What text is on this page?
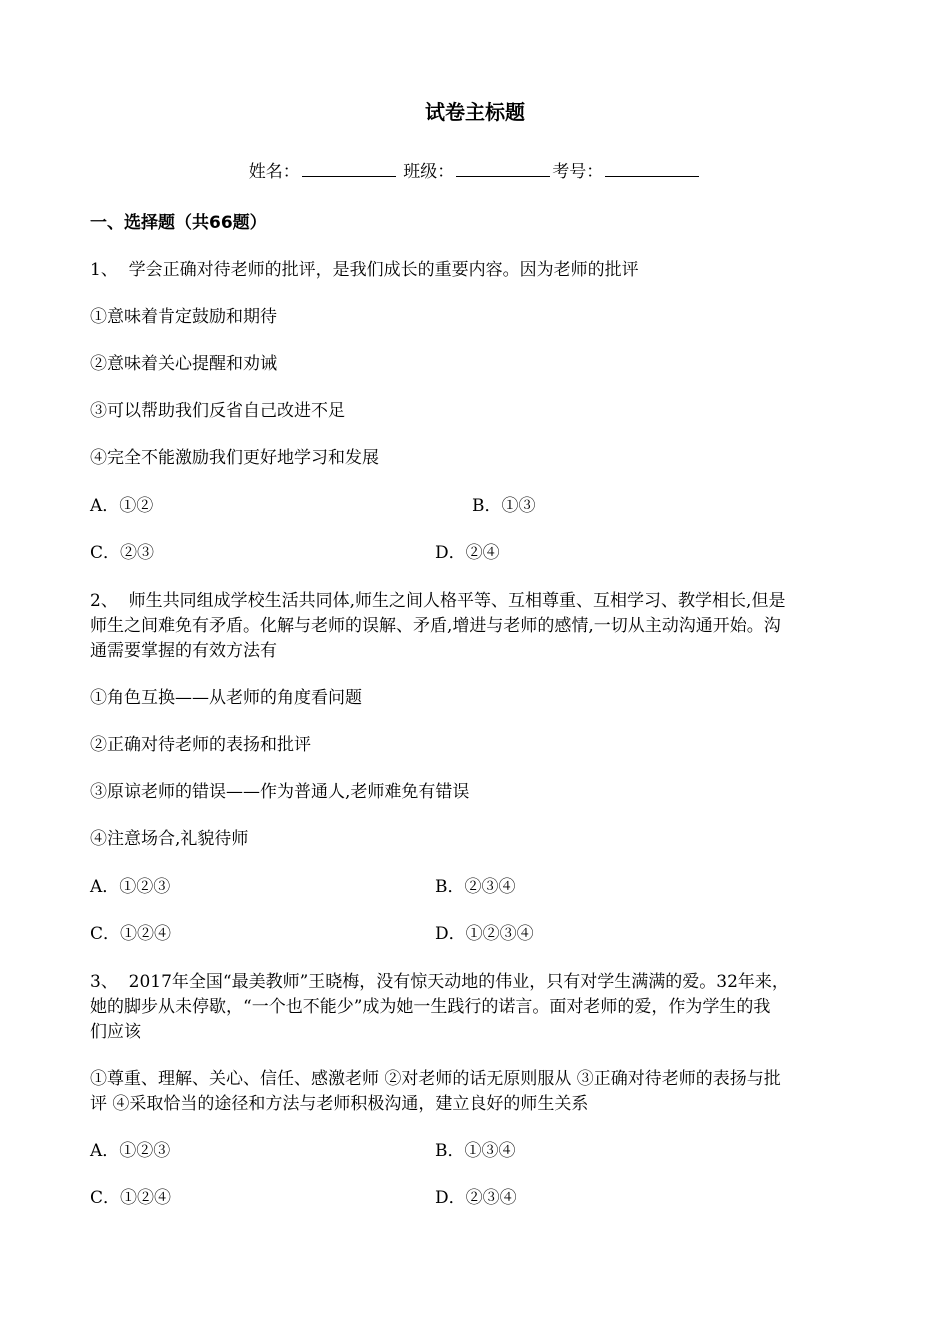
试卷主标题
姓名：	班级：	考号：
一、选择题（共66题）
1、 学会正确对待老师的批评，是我们成长的重要内容。因为老师的批评
①意味着肯定鼓励和期待
②意味着关心提醒和劝诫
③可以帮助我们反省自己改进不足
④完全不能激励我们更好地学习和发展
A．①②	B．①③
C．②③	D．②④
2、 师生共同组成学校生活共同体,师生之间人格平等、互相尊重、互相学习、教学相长,但是
师生之间难免有矛盾。化解与老师的误解、矛盾,增进与老师的感情,一切从主动沟通开始。沟
通需要掌握的有效方法有
①角色互换——从老师的角度看问题
②正确对待老师的表扬和批评
③原谅老师的错误——作为普通人,老师难免有错误
④注意场合,礼貌待师
A．①②③	B．②③④
C．①②④	D．①②③④
3、 2017年全国“最美教师”王晓梅，没有惊天动地的伟业，只有对学生满满的爱。32年来，
她的脚步从未停歇，“一个也不能少”成为她一生践行的诺言。面对老师的爱，作为学生的我
们应该
①尊重、理解、关心、信任、感激老师 ②对老师的话无原则服从 ③正确对待老师的表扬与批
评 ④采取恰当的途径和方法与老师积极沟通，建立良好的师生关系
A．①②③	B．①③④
C．①②④	D．②③④
